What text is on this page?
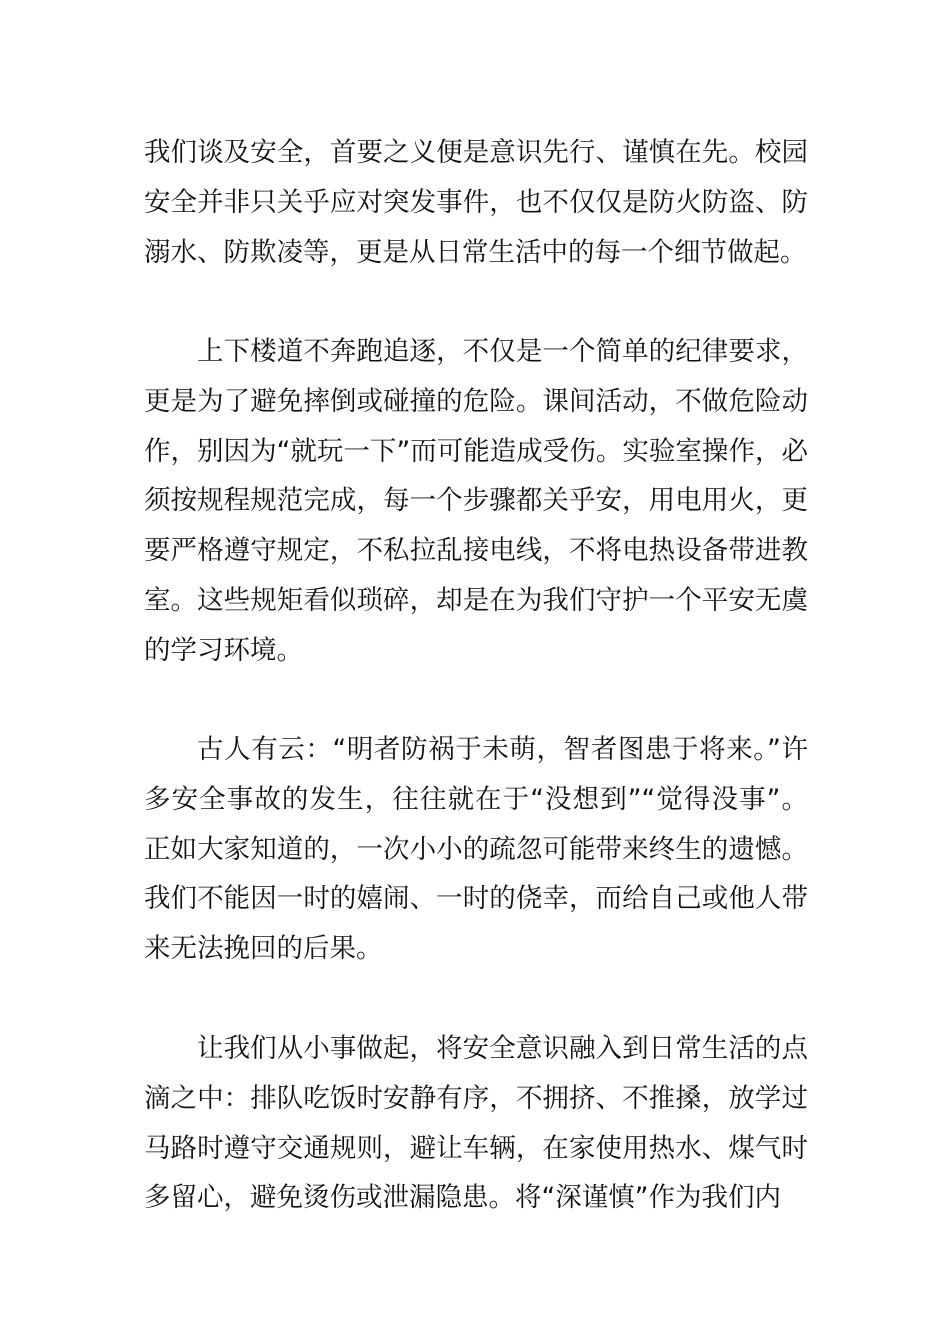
我们谈及安全，首要之义便是意识先行、谨慎在先。校园安全并非只关乎应对突发事件，也不仅仅是防火防盗、防溺水、防欺凌等，更是从日常生活中的每一个细节做起。

上下楼道不奔跑追逐，不仅是一个简单的纪律要求，更是为了避免摔倒或碰撞的危险。课间活动，不做危险动作，别因为“就玩一下”而可能造成受伤。实验室操作，必须按规程规范完成，每一个步骤都关乎安，用电用火，更要严格遵守规定，不私拉乱接电线，不将电热设备带进教室。这些规矩看似琐碎，却是在为我们守护一个平安无虞的学习环境。

古人有云：“明者防祸于未萌，智者图患于将来。”许多安全事故的发生，往往就在于“没想到”“觉得没事”。正如大家知道的，一次小小的疏忽可能带来终生的遗憾。我们不能因一时的嬉闹、一时的侥幸，而给自己或他人带来无法挽回的后果。

让我们从小事做起，将安全意识融入到日常生活的点滴之中：排队吃饭时安静有序，不拥挤、不推搡，放学过马路时遵守交通规则，避让车辆，在家使用热水、煤气时多留心，避免烫伤或泄漏隐患。将“深谨慎”作为我们内
